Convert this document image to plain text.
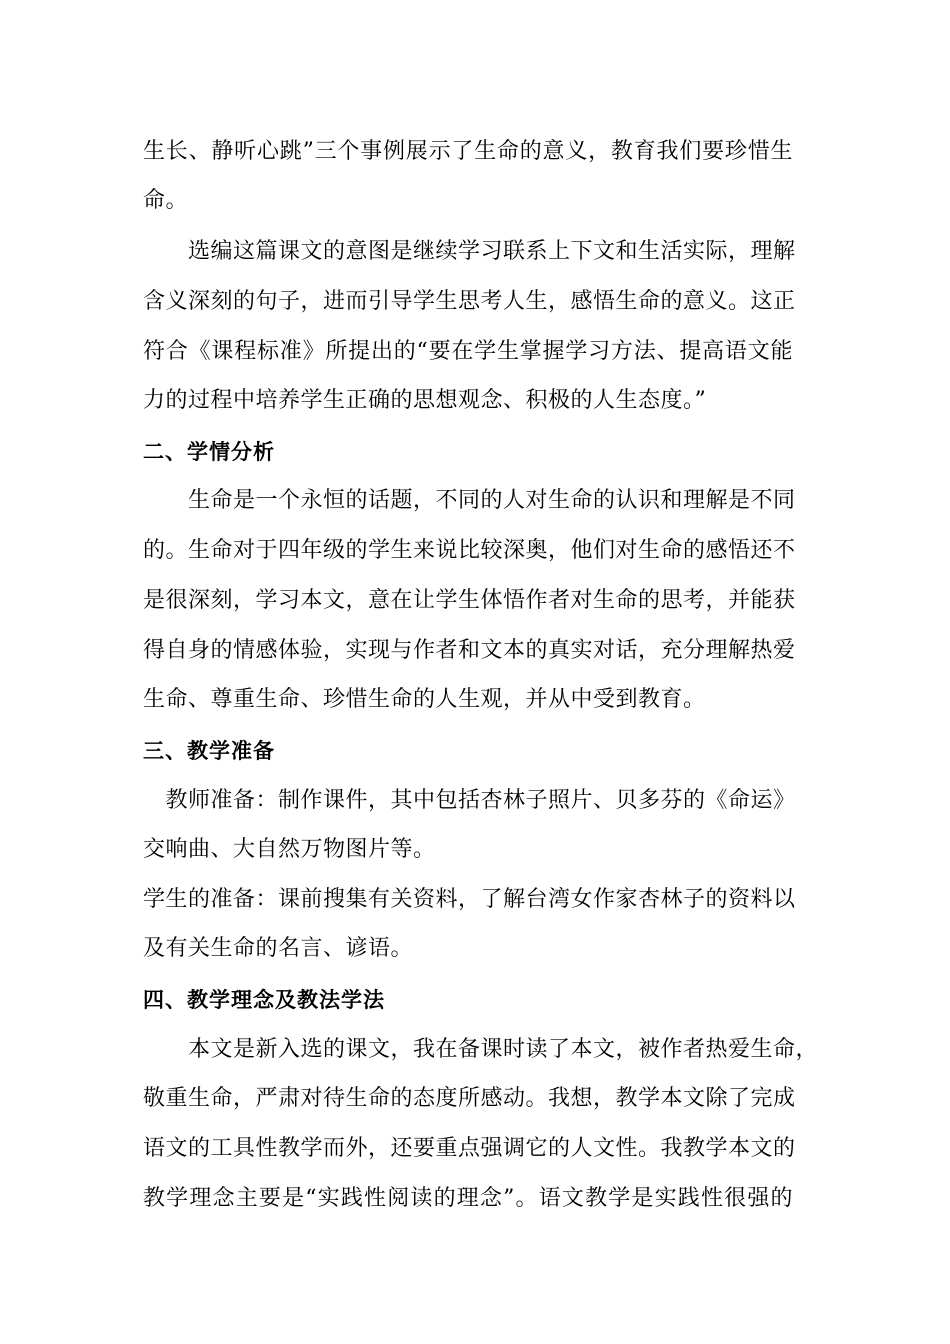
生长、静听心跳”三个事例展示了生命的意义，教育我们要珍惜生
命。
　　选编这篇课文的意图是继续学习联系上下文和生活实际，理解
含义深刻的句子，进而引导学生思考人生，感悟生命的意义。这正
符合《课程标准》所提出的“要在学生掌握学习方法、提高语文能
力的过程中培养学生正确的思想观念、积极的人生态度。”
二、学情分析
　　生命是一个永恒的话题，不同的人对生命的认识和理解是不同
的。生命对于四年级的学生来说比较深奥，他们对生命的感悟还不
是很深刻，学习本文，意在让学生体悟作者对生命的思考，并能获
得自身的情感体验，实现与作者和文本的真实对话，充分理解热爱
生命、尊重生命、珍惜生命的人生观，并从中受到教育。
三、教学准备
　教师准备：制作课件，其中包括杏林子照片、贝多芬的《命运》
交响曲、大自然万物图片等。
学生的准备：课前搜集有关资料，了解台湾女作家杏林子的资料以
及有关生命的名言、谚语。
四、教学理念及教法学法
　　本文是新入选的课文，我在备课时读了本文，被作者热爱生命，
敬重生命，严肃对待生命的态度所感动。我想，教学本文除了完成
语文的工具性教学而外，还要重点强调它的人文性。我教学本文的
教学理念主要是“实践性阅读的理念”。语文教学是实践性很强的
